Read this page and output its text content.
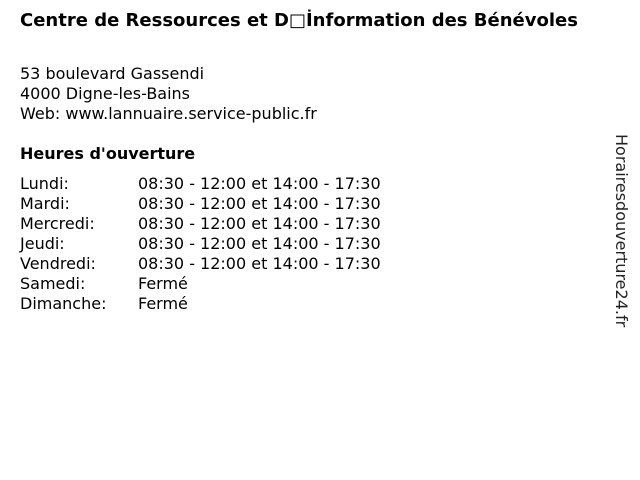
Centre de Ressources et D□İnformation des Bénévoles
53 boulevard Gassendi
4000 Digne-les-Bains
Web: www.lannuaire.service-public.fr
Heures d'ouverture
Lundi:	08:30 - 12:00 et 14:00 - 17:30
Mardi:	08:30 - 12:00 et 14:00 - 17:30
Mercredi:	08:30 - 12:00 et 14:00 - 17:30
Jeudi:	08:30 - 12:00 et 14:00 - 17:30
Vendredi:	08:30 - 12:00 et 14:00 - 17:30
Samedi:	Fermé
Dimanche:	Fermé	Horairesdouverture24.fr
